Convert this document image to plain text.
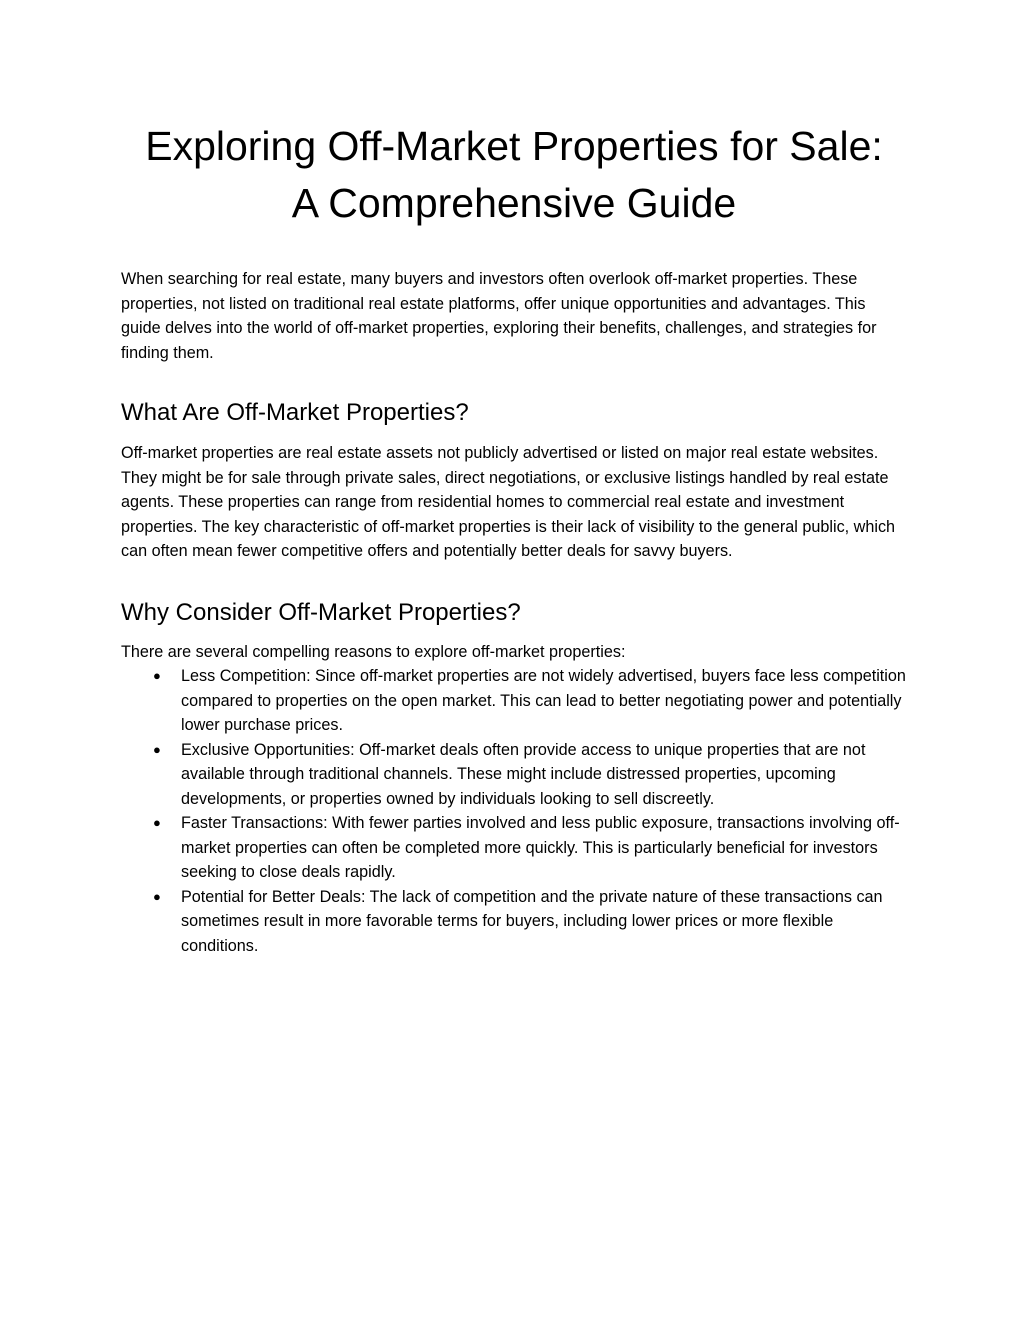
Exploring Off-Market Properties for Sale:
A Comprehensive Guide

When searching for real estate, many buyers and investors often overlook off-market properties. These properties, not listed on traditional real estate platforms, offer unique opportunities and advantages. This guide delves into the world of off-market properties, exploring their benefits, challenges, and strategies for finding them.

What Are Off-Market Properties?

Off-market properties are real estate assets not publicly advertised or listed on major real estate websites. They might be for sale through private sales, direct negotiations, or exclusive listings handled by real estate agents. These properties can range from residential homes to commercial real estate and investment properties. The key characteristic of off-market properties is their lack of visibility to the general public, which can often mean fewer competitive offers and potentially better deals for savvy buyers.

Why Consider Off-Market Properties?

There are several compelling reasons to explore off-market properties:

● Less Competition: Since off-market properties are not widely advertised, buyers face less competition compared to properties on the open market. This can lead to better negotiating power and potentially lower purchase prices.
● Exclusive Opportunities: Off-market deals often provide access to unique properties that are not available through traditional channels. These might include distressed properties, upcoming developments, or properties owned by individuals looking to sell discreetly.
● Faster Transactions: With fewer parties involved and less public exposure, transactions involving off-market properties can often be completed more quickly. This is particularly beneficial for investors seeking to close deals rapidly.
● Potential for Better Deals: The lack of competition and the private nature of these transactions can sometimes result in more favorable terms for buyers, including lower prices or more flexible conditions.
